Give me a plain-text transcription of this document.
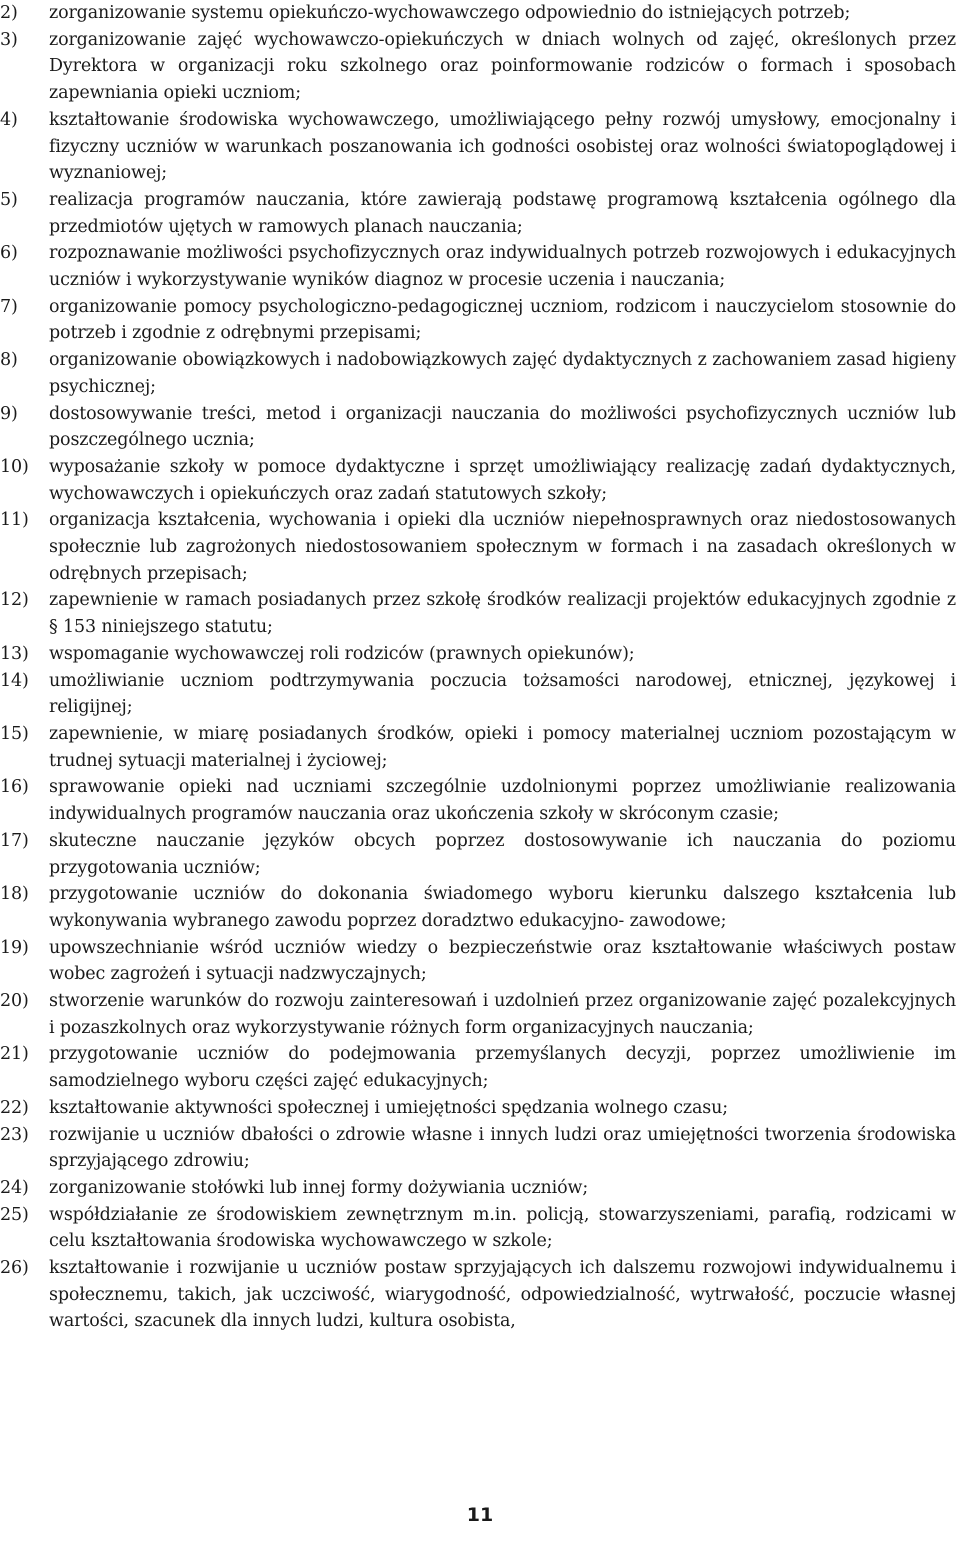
2)	zorganizowanie systemu opiekuńczo-wychowawczego odpowiednio do istniejących potrzeb;
3)	zorganizowanie zajęć wychowawczo-opiekuńczych w dniach wolnych od zajęć, określonych przez Dyrektora w organizacji roku szkolnego oraz poinformowanie rodziców o formach i sposobach zapewniania opieki uczniom;
4)	kształtowanie środowiska wychowawczego, umożliwiającego pełny rozwój umysłowy, emocjonalny i fizyczny uczniów w warunkach poszanowania ich godności osobistej oraz wolności światopoglądowej i wyznaniowej;
5)	realizacja programów nauczania, które zawierają podstawę programową kształcenia ogólnego dla przedmiotów ujętych w ramowych planach nauczania;
6)	rozpoznawanie możliwości psychofizycznych oraz indywidualnych potrzeb rozwojowych i edukacyjnych uczniów i wykorzystywanie wyników diagnoz w procesie uczenia i nauczania;
7)	organizowanie pomocy psychologiczno-pedagogicznej uczniom, rodzicom i nauczycielom stosownie do potrzeb i zgodnie z odrębnymi przepisami;
8)	organizowanie obowiązkowych i nadobowiązkowych zajęć dydaktycznych z zachowaniem zasad higieny psychicznej;
9)	dostosowywanie treści, metod i organizacji nauczania do możliwości psychofizycznych uczniów lub poszczególnego ucznia;
10)	wyposażanie szkoły w pomoce dydaktyczne i sprzęt umożliwiający realizację zadań dydaktycznych, wychowawczych i opiekuńczych oraz zadań statutowych szkoły;
11)	organizacja kształcenia, wychowania i opieki dla uczniów niepełnosprawnych oraz niedostosowanych społecznie lub zagrożonych niedostosowaniem społecznym w formach i na zasadach określonych w odrębnych przepisach;
12)	zapewnienie w ramach posiadanych przez szkołę środków realizacji projektów edukacyjnych zgodnie z § 153 niniejszego statutu;
13)	wspomaganie wychowawczej roli rodziców (prawnych opiekunów);
14)	umożliwianie uczniom podtrzymywania poczucia tożsamości narodowej, etnicznej, językowej i religijnej;
15)	zapewnienie, w miarę posiadanych środków, opieki i pomocy materialnej uczniom pozostającym w trudnej sytuacji materialnej i życiowej;
16)	sprawowanie opieki nad uczniami szczególnie uzdolnionymi poprzez umożliwianie realizowania indywidualnych programów nauczania oraz ukończenia szkoły w skróconym czasie;
17)	skuteczne nauczanie języków obcych poprzez dostosowywanie ich nauczania do poziomu przygotowania uczniów;
18)	przygotowanie uczniów do dokonania świadomego wyboru kierunku dalszego kształcenia lub wykonywania wybranego zawodu poprzez doradztwo edukacyjno- zawodowe;
19)	upowszechnianie wśród uczniów wiedzy o bezpieczeństwie oraz kształtowanie właściwych postaw wobec zagrożeń i sytuacji nadzwyczajnych;
20)	stworzenie warunków do rozwoju zainteresowań i uzdolnień przez organizowanie zajęć pozalekcyjnych i pozaszkolnych oraz wykorzystywanie różnych form organizacyjnych nauczania;
21)	przygotowanie uczniów do podejmowania przemyślanych decyzji, poprzez umożliwienie im samodzielnego wyboru części zajęć edukacyjnych;
22)	kształtowanie aktywności społecznej i umiejętności spędzania wolnego czasu;
23)	rozwijanie u uczniów dbałości o zdrowie własne i innych ludzi oraz umiejętności tworzenia środowiska sprzyjającego zdrowiu;
24)	zorganizowanie stołówki lub innej formy dożywiania uczniów;
25)	współdziałanie ze środowiskiem zewnętrznym m.in. policją, stowarzyszeniami, parafią, rodzicami w celu kształtowania środowiska wychowawczego w szkole;
26)	kształtowanie i rozwijanie u uczniów postaw sprzyjających ich dalszemu rozwojowi indywidualnemu i społecznemu, takich, jak uczciwość, wiarygodność, odpowiedzialność, wytrwałość, poczucie własnej wartości, szacunek dla innych ludzi, kultura osobista,
11
